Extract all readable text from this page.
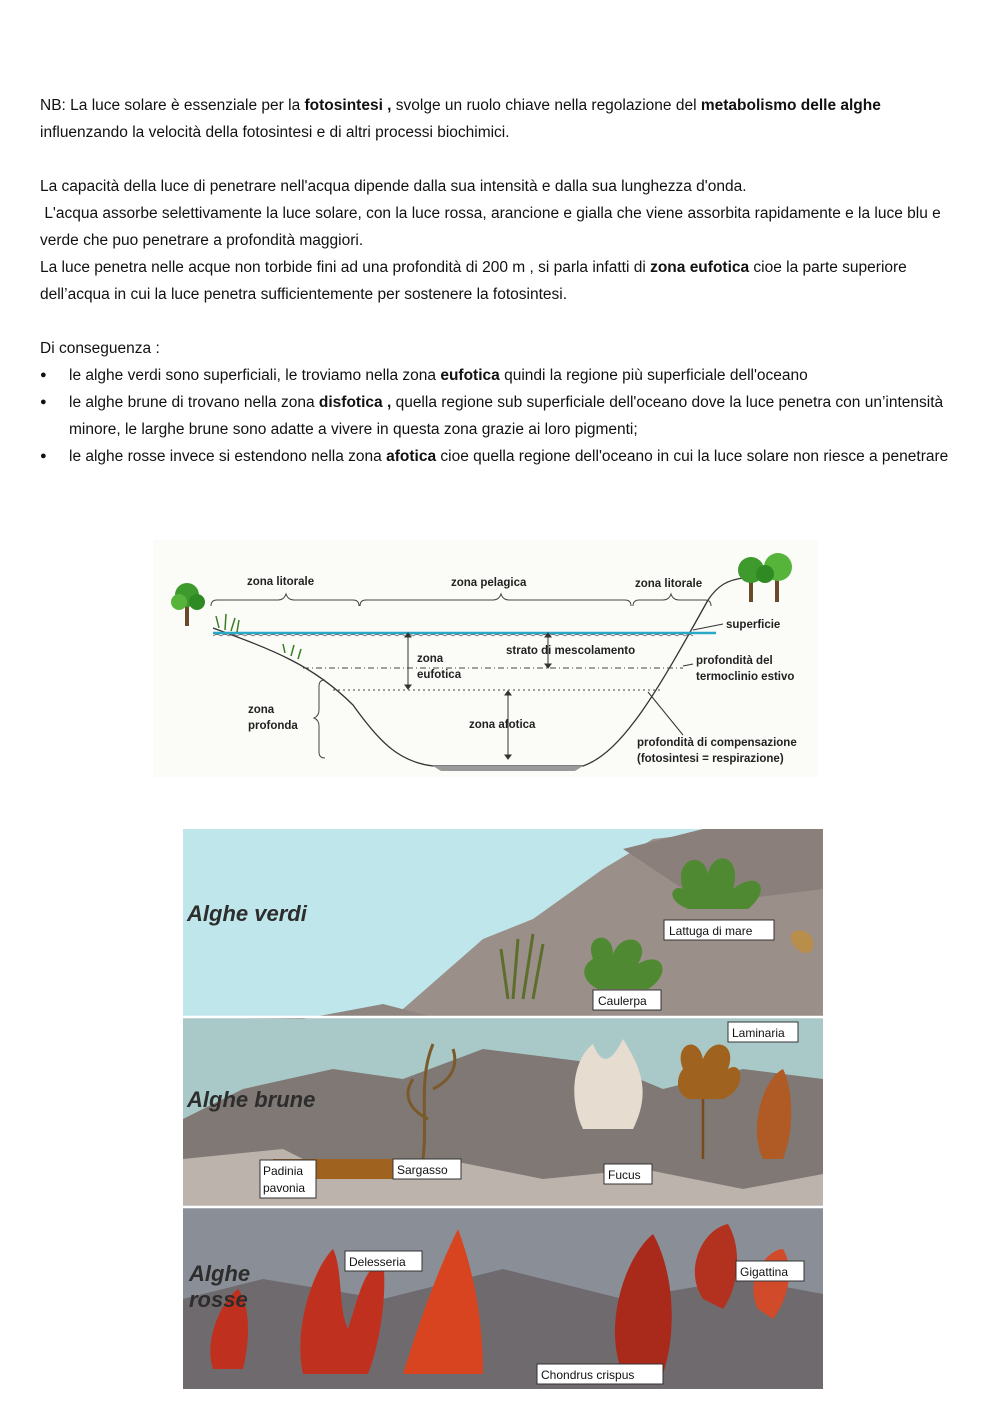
NB: La luce solare è essenziale per la fotosintesi , svolge un ruolo chiave nella regolazione del metabolismo delle alghe influenzando la velocità della fotosintesi e di altri processi biochimici.

La capacità della luce di penetrare nell'acqua dipende dalla sua intensità e dalla sua lunghezza d'onda.

L'acqua assorbe selettivamente la luce solare, con la luce rossa, arancione e gialla che viene assorbita rapidamente e la luce blu e verde che puo penetrare a profondità maggiori.

La luce penetra nelle acque non torbide fini ad una profondità di 200 m , si parla infatti di zona eufotica cioe la parte superiore dell’acqua in cui la luce penetra sufficientemente per sostenere la fotosintesi.

Di conseguenza :

● le alghe verdi sono superficiali, le troviamo nella zona eufotica quindi la regione più superficiale dell'oceano
● le alghe brune di trovano nella zona disfotica , quella regione sub superficiale dell'oceano dove la luce penetra con un’intensità minore, le larghe brune sono adatte a vivere in questa zona grazie ai loro pigmenti;
● le alghe rosse invece si estendono nella zona afotica cioe quella regione dell'oceano in cui la luce solare non riesce a penetrare
zona litorale	zona pelagica	zona litorale
superficie
strato di mescolamento
zona
eufotica
profondità del
termoclinio estivo
zona
profonda	zona afotica
profondità di compensazione
(fotosintesi = respirazione)
Alghe verdi
Alghe brune
Alghe
rosse
Lattuga di mare
Caulerpa
Laminaria
Padinia
pavonia
Sargasso	Fucus
Delesseria
Gigattina
Chondrus crispus
